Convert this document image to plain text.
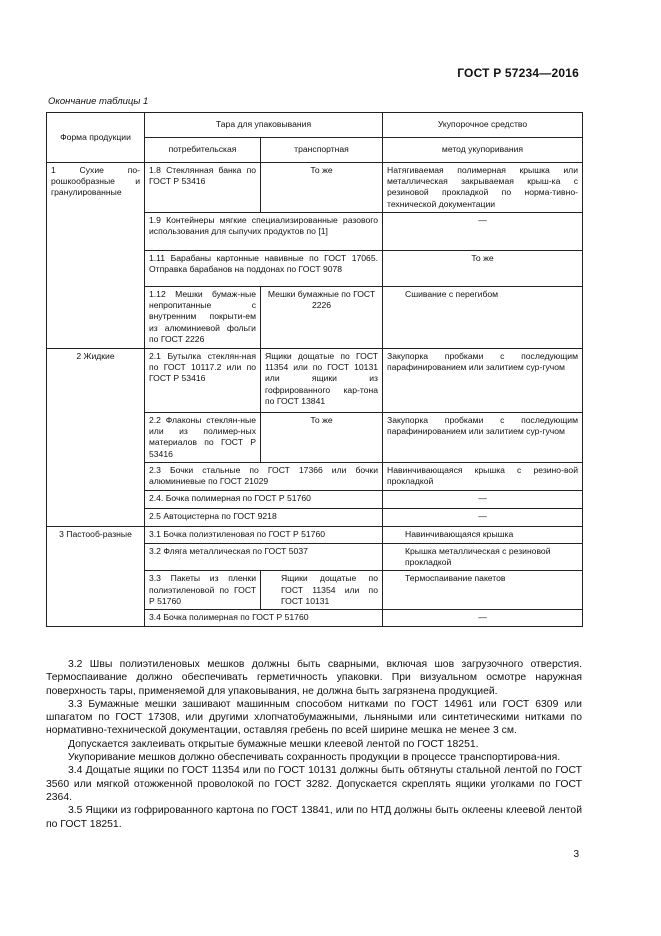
ГОСТ Р 57234—2016
Окончание таблицы 1
Форма продукции	Тара для упаковывания		Укупорочное средство
	потребительская	транспортная	метод укупоривания
1 Сухие по-рошкообразные и гранулированные	1.8 Стеклянная банка по ГОСТ Р 53416	То же	Натягиваемая полимерная крышка или металлическая закрываемая крыш-ка с резиновой прокладкой по норма-тивно-технической документации
	1.9 Контейнеры мягкие специализированные разового использования для сыпучих продуктов по [1]		—
	1.11 Барабаны картонные навивные по ГОСТ 17065. Отправка барабанов на поддонах по ГОСТ 9078		То же
	1.12 Мешки бумаж-ные непропитанные с внутренним покрыти-ем из алюминиевой фольги по ГОСТ 2226	Мешки бумажные по ГОСТ 2226	Сшивание с перегибом
2 Жидкие	2.1 Бутылка стеклян-ная по ГОСТ 10117.2 или по ГОСТ Р 53416	Ящики дощатые по ГОСТ 11354 или по ГОСТ 10131 или ящики из гофрированного кар-тона по ГОСТ 13841	Закупорка пробками с последующим парафинированием или залитием сур-гучом
	2.2 Флаконы стеклян-ные или из полимер-ных материалов по ГОСТ Р 53416	То же	Закупорка пробками с последующим парафинированием или залитием сур-гучом
	2.3 Бочки стальные по ГОСТ 17366 или бочки алюминиевые по ГОСТ 21029		Навинчивающаяся крышка с резино-вой прокладкой
	2.4. Бочка полимерная по ГОСТ Р 51760		—
	2.5 Автоцистерна по ГОСТ 9218		—
3 Пастооб-разные	3.1 Бочка полиэтиленовая по ГОСТ Р 51760		Навинчивающаяся крышка
	3.2 Фляга металлическая по ГОСТ 5037		Крышка металлическая с резиновой прокладкой
	3.3 Пакеты из пленки полиэтиленовой по ГОСТ Р 51760	Ящики дощатые по ГОСТ 11354 или по ГОСТ 10131	Термоспаивание пакетов
	3.4 Бочка полимерная по ГОСТ Р 51760		—

3.2 Швы полиэтиленовых мешков должны быть сварными, включая шов загрузочного отверстия. Термоспаивание должно обеспечивать герметичность упаковки. При визуальном осмотре наружная поверхность тары, применяемой для упаковывания, не должна быть загрязнена продукцией.

3.3 Бумажные мешки зашивают машинным способом нитками по ГОСТ 14961 или ГОСТ 6309 или шпагатом по ГОСТ 17308, или другими хлопчатобумажными, льняными или синтетическими нитками по нормативно-технической документации, оставляя гребень по всей ширине мешка не менее 3 см.

Допускается заклеивать открытые бумажные мешки клеевой лентой по ГОСТ 18251.

Укупоривание мешков должно обеспечивать сохранность продукции в процессе транспортирова-ния.

3.4 Дощатые ящики по ГОСТ 11354 или по ГОСТ 10131 должны быть обтянуты стальной лентой по ГОСТ 3560 или мягкой отожженной проволокой по ГОСТ 3282. Допускается скреплять ящики уголками по ГОСТ 2364.

3.5 Ящики из гофрированного картона по ГОСТ 13841, или по НТД должны быть оклеены клеевой лентой по ГОСТ 18251.

3
